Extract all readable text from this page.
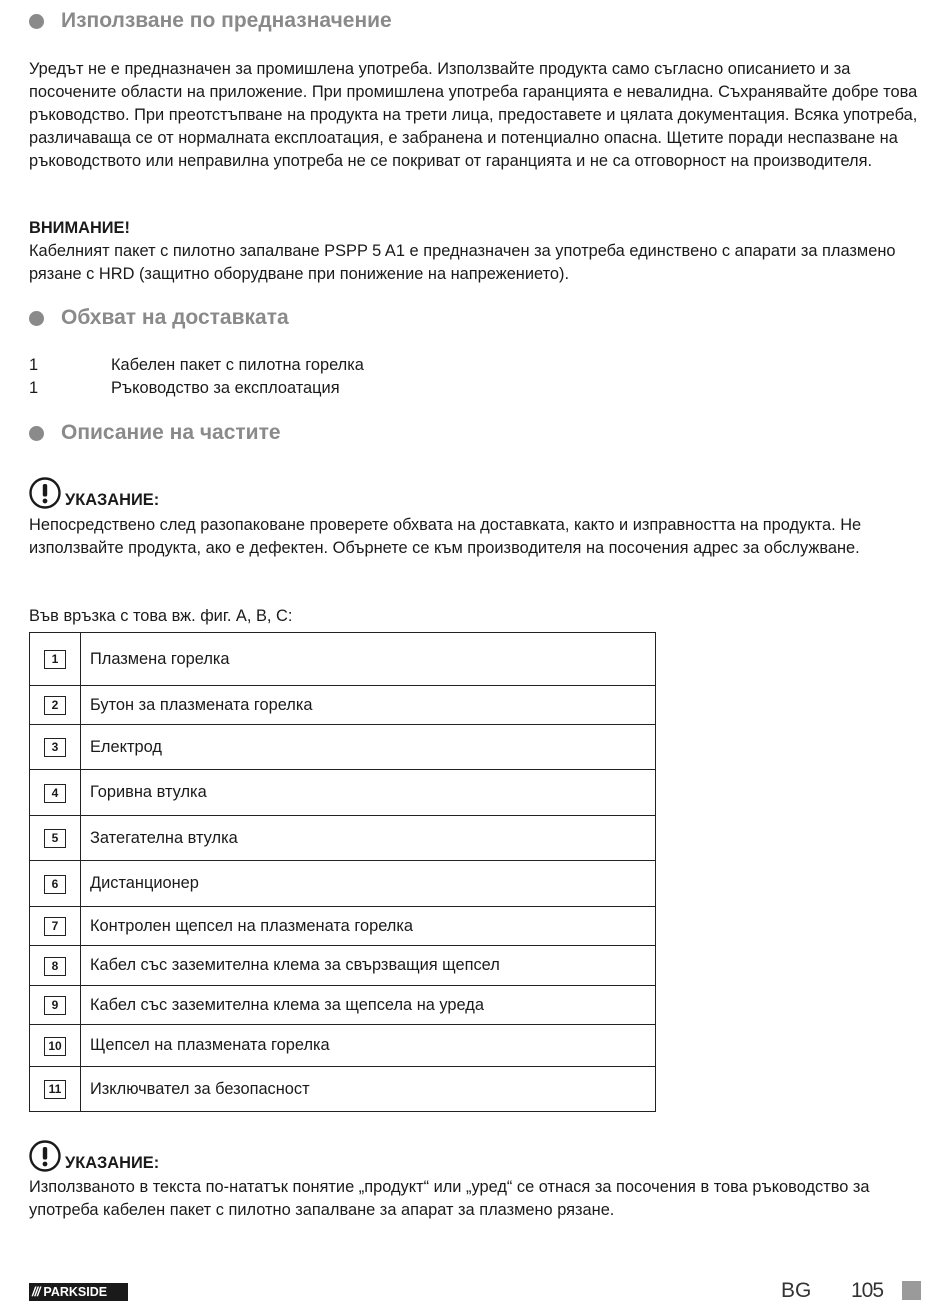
Използване по предназначение

Уредът не е предназначен за промишлена употреба. Използвайте продукта само съгласно описанието и за посочените области на приложение. При промишлена употреба гаранцията е невалидна. Съхранявайте добре това ръководство. При преотстъпване на продукта на трети лица, предоставете и цялата документация. Всяка употреба, различаваща се от нормалната експлоатация, е забранена и потенциално опасна. Щетите поради неспазване на ръководството или неправилна употреба не се покриват от гаранцията и не са отговорност на производителя.

ВНИМАНИЕ!

Кабелният пакет с пилотно запалване PSPP 5 A1 е предназначен за употреба единствено с апарати за плазмено рязане с HRD (защитно оборудване при понижение на напрежението).

Обхват на доставката
1	Кабелен пакет с пилотна горелка
1	Ръководство за експлоатация
Описание на частите
УКАЗАНИЕ:

Непосредствено след разопаковане проверете обхвата на доставката, както и изправността на продукта. Не използвайте продукта, ако е дефектен. Обърнете се към производителя на посочения адрес за обслужване.

Във връзка с това вж. фиг. A, B, C:

1	Плазмена горелка
2	Бутон за плазмената горелка
3	Електрод
4	Горивна втулка
5	Затегателна втулка
6	Дистанционер
7	Контролен щепсел на плазмената горелка
8	Кабел със заземителна клема за свързващия щепсел
9	Кабел със заземителна клема за щепсела на уреда
10	Щепсел на плазмената горелка
11	Изключвател за безопасност
УКАЗАНИЕ:

Използваното в текста по-нататък понятие „продукт“ или „уред“ се отнася за посочения в това ръководство за употреба кабелен пакет с пилотно запалване за апарат за плазмено рязане.

/// PARKSIDE	BG 105
